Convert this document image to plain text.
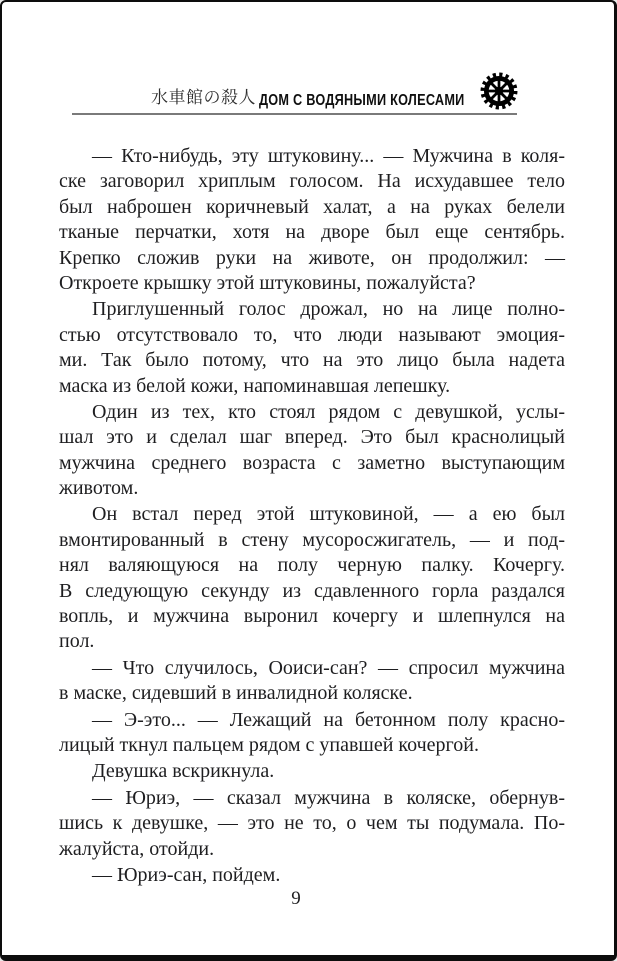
水車館の殺人 ДОМ С ВОДЯНЫМИ КОЛЕСАМИ

— Кто-нибудь, эту штуковину... — Мужчина в коля-
ске заговорил хриплым голосом. На исхудавшее тело
был наброшен коричневый халат, а на руках белели
тканые перчатки, хотя на дворе был еще сентябрь.
Крепко сложив руки на животе, он продолжил: —
Откроете крышку этой штуковины, пожалуйста?

Приглушенный голос дрожал, но на лице полно-
стью отсутствовало то, что люди называют эмоция-
ми. Так было потому, что на это лицо была надета
маска из белой кожи, напоминавшая лепешку.

Один из тех, кто стоял рядом с девушкой, услы-
шал это и сделал шаг вперед. Это был краснолицый
мужчина среднего возраста с заметно выступающим
животом.

Он встал перед этой штуковиной, — а ею был
вмонтированный в стену мусоросжигатель, — и под-
нял валяющуюся на полу черную палку. Кочергу.
В следующую секунду из сдавленного горла раздался
вопль, и мужчина выронил кочергу и шлепнулся на
пол.

— Что случилось, Ооиси-сан? — спросил мужчина
в маске, сидевший в инвалидной коляске.

— Э-это... — Лежащий на бетонном полу красно-
лицый ткнул пальцем рядом с упавшей кочергой.

Девушка вскрикнула.

— Юриэ, — сказал мужчина в коляске, обернув-
шись к девушке, — это не то, о чем ты подумала. По-
жалуйста, отойди.

— Юриэ-сан, пойдем.

9
